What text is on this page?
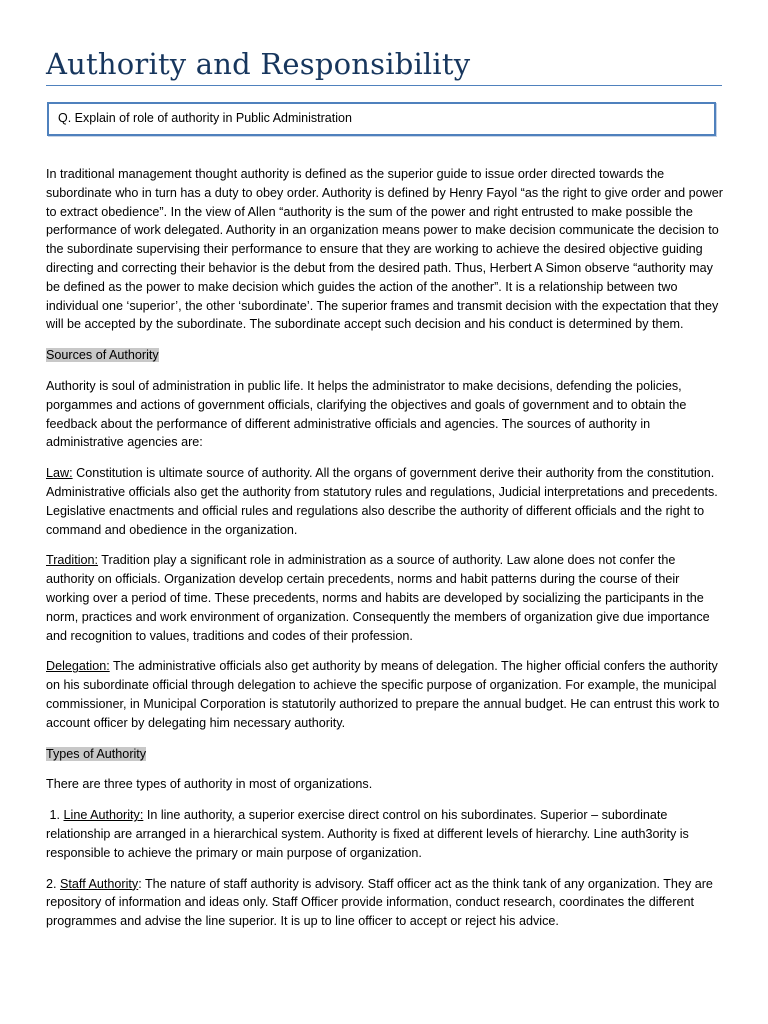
Authority and Responsibility
Q. Explain of role of authority in Public Administration

In traditional management thought authority is defined as the superior guide to issue order directed towards the subordinate who in turn has a duty to obey order. Authority is defined by Henry Fayol “as the right to give order and power to extract obedience”. In the view of Allen “authority is the sum of the power and right entrusted to make possible the performance of work delegated. Authority in an organization means power to make decision communicate the decision to the subordinate supervising their performance to ensure that they are working to achieve the desired objective guiding directing and correcting their behavior is the debut from the desired path. Thus, Herbert A Simon observe “authority may be defined as the power to make decision which guides the action of the another”. It is a relationship between two individual one ‘superior’, the other ‘subordinate’. The superior frames and transmit decision with the expectation that they will be accepted by the subordinate. The subordinate accept such decision and his conduct is determined by them.

Sources of Authority

Authority is soul of administration in public life. It helps the administrator to make decisions, defending the policies, porgammes and actions of government officials, clarifying the objectives and goals of government and to obtain the feedback about the performance of different administrative officials and agencies. The sources of authority in administrative agencies are:

Law: Constitution is ultimate source of authority. All the organs of government derive their authority from the constitution. Administrative officials also get the authority from statutory rules and regulations, Judicial interpretations and precedents. Legislative enactments and official rules and regulations also describe the authority of different officials and the right to command and obedience in the organization.

Tradition: Tradition play a significant role in administration as a source of authority. Law alone does not confer the authority on officials. Organization develop certain precedents, norms and habit patterns during the course of their working over a period of time. These precedents, norms and habits are developed by socializing the participants in the norm, practices and work environment of organization. Consequently the members of organization give due importance and recognition to values, traditions and codes of their profession.

Delegation: The administrative officials also get authority by means of delegation. The higher official confers the authority on his subordinate official through delegation to achieve the specific purpose of organization. For example, the municipal commissioner, in Municipal Corporation is statutorily authorized to prepare the annual budget. He can entrust this work to account officer by delegating him necessary authority.

Types of Authority

There are three types of authority in most of organizations.

1. Line Authority: In line authority, a superior exercise direct control on his subordinates. Superior – subordinate relationship are arranged in a hierarchical system. Authority is fixed at different levels of hierarchy. Line auth3ority is responsible to achieve the primary or main purpose of organization.

2. Staff Authority: The nature of staff authority is advisory. Staff officer act as the think tank of any organization. They are repository of information and ideas only. Staff Officer provide information, conduct research, coordinates the different programmes and advise the line superior. It is up to line officer to accept or reject his advice.
